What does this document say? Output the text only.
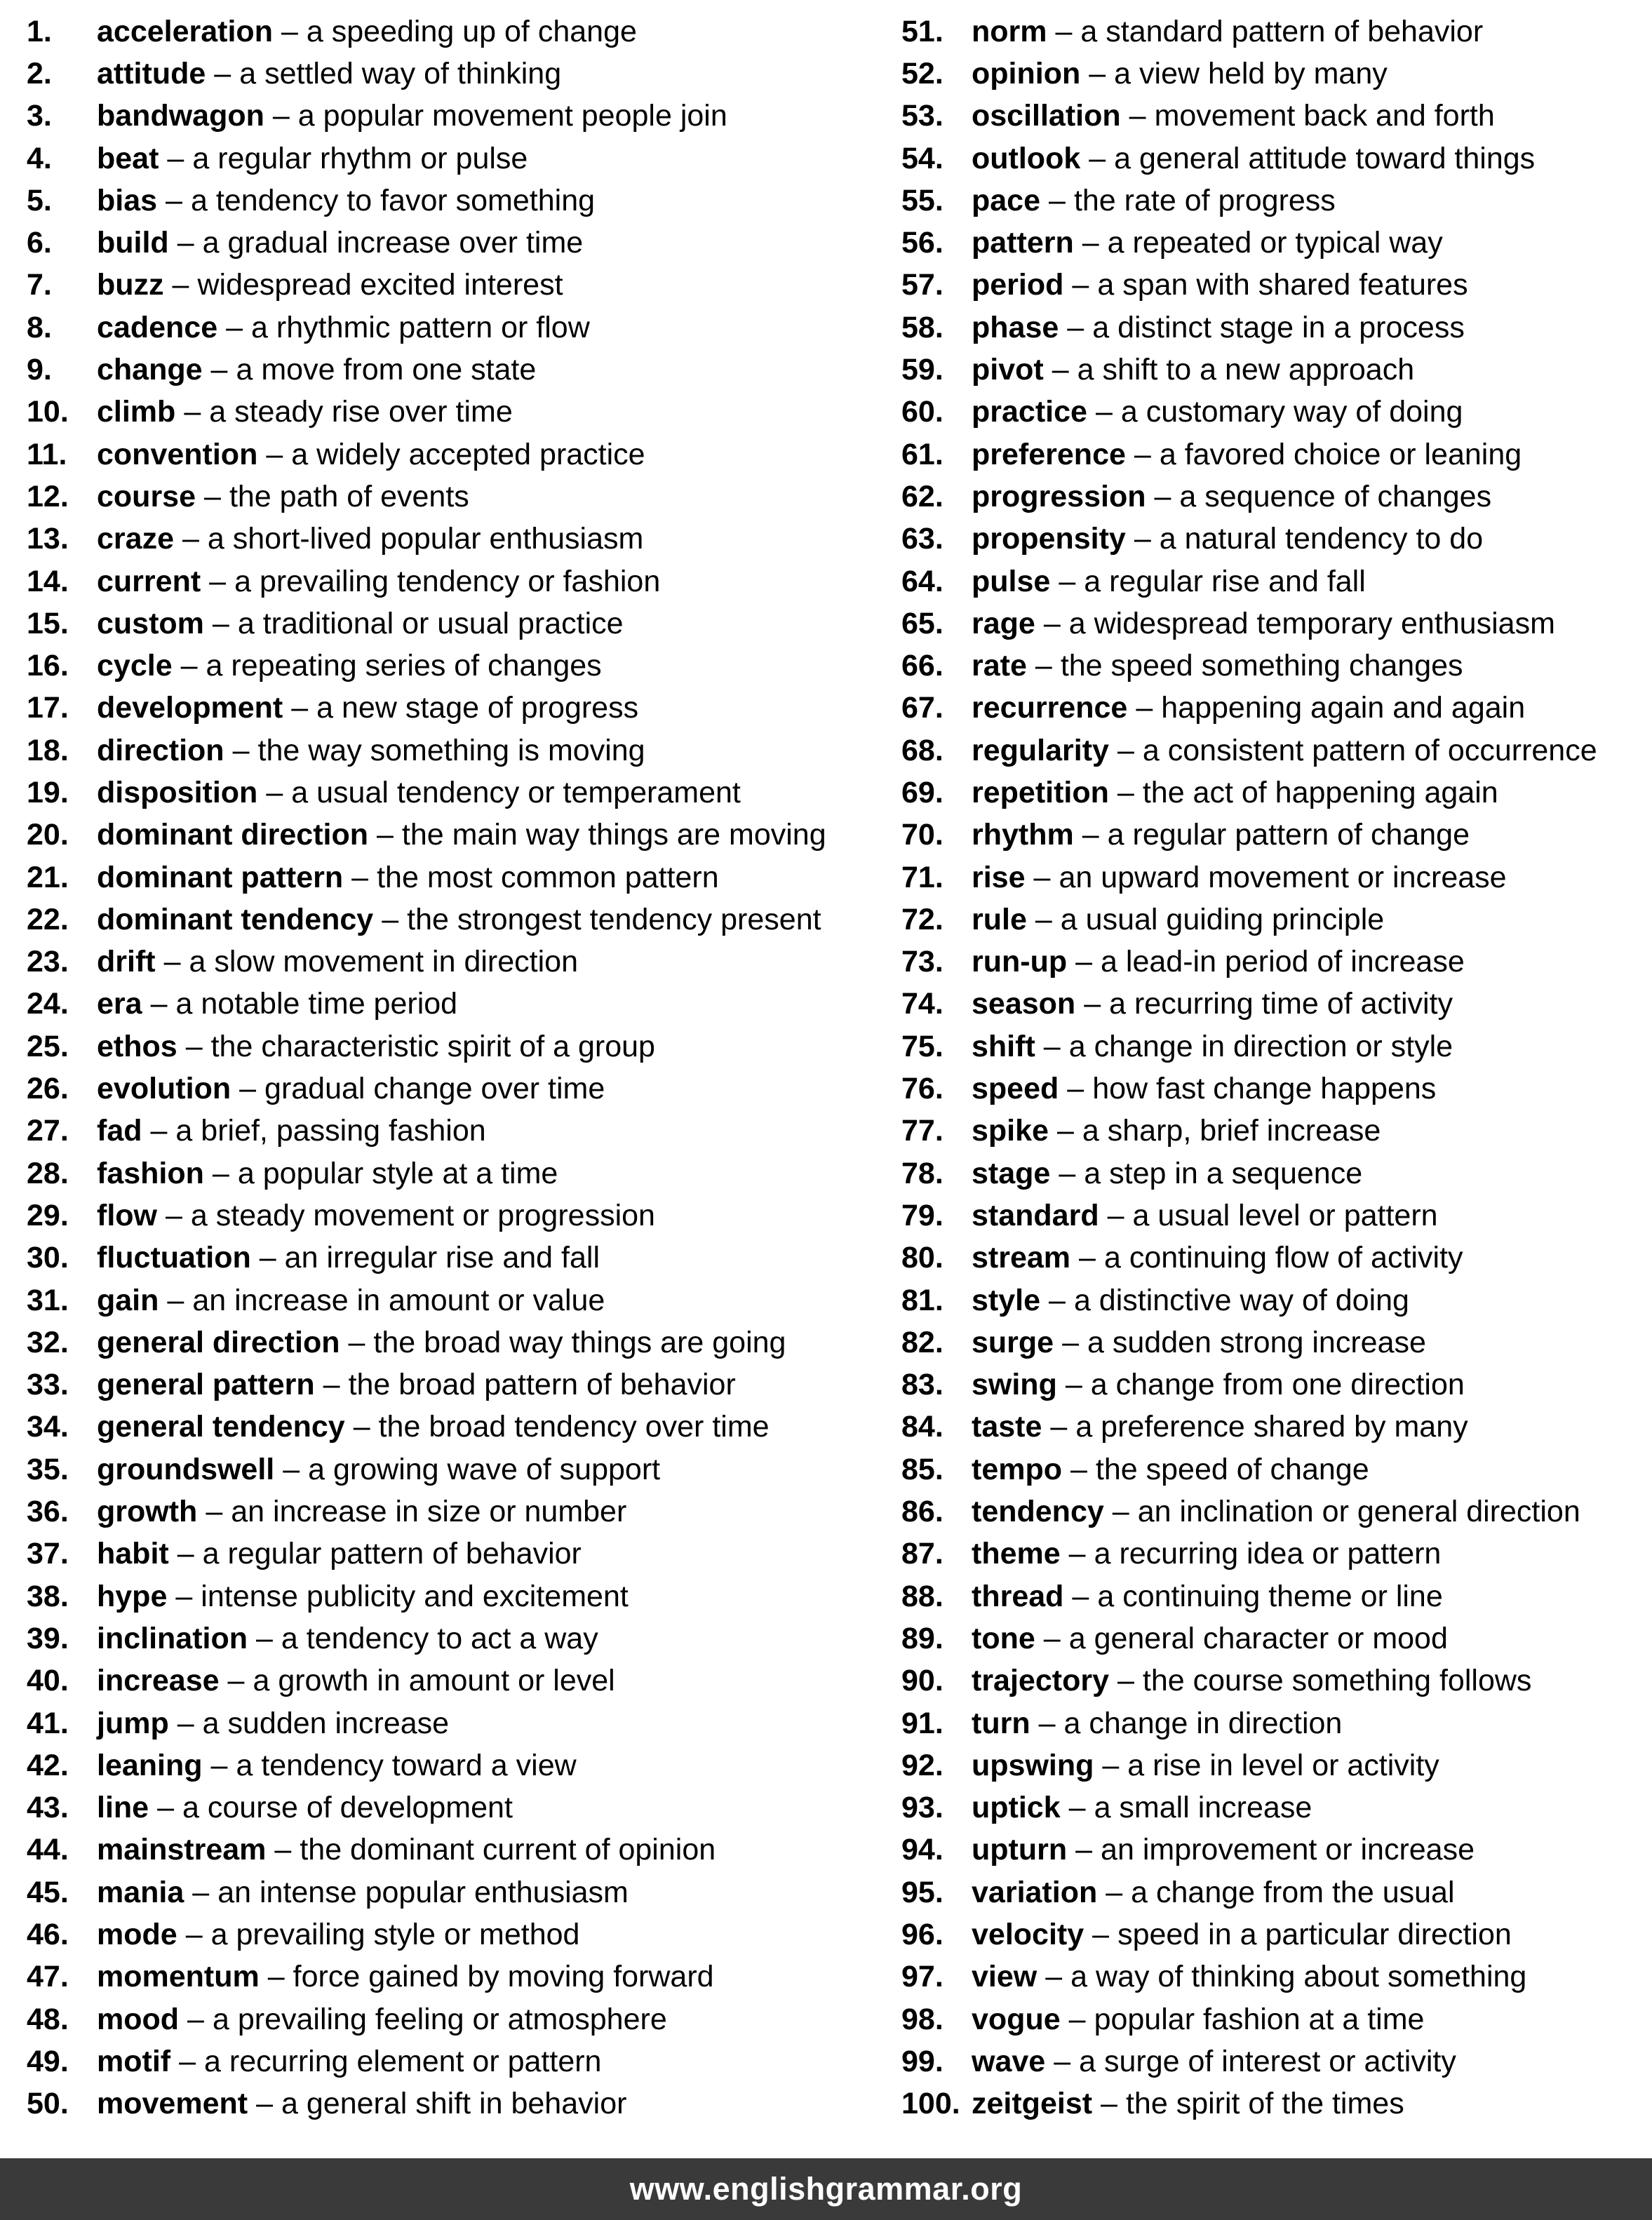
1.	acceleration – a speeding up of change
2.	attitude – a settled way of thinking
3.	bandwagon – a popular movement people join
4.	beat – a regular rhythm or pulse
5.	bias – a tendency to favor something
6.	build – a gradual increase over time
7.	buzz – widespread excited interest
8.	cadence – a rhythmic pattern or flow
9.	change – a move from one state
10. climb – a steady rise over time
11. convention – a widely accepted practice
12. course – the path of events
13. craze – a short-lived popular enthusiasm
14. current – a prevailing tendency or fashion
15. custom – a traditional or usual practice
16. cycle – a repeating series of changes
17. development – a new stage of progress
18. direction – the way something is moving
19. disposition – a usual tendency or temperament
20. dominant direction – the main way things are moving
21. dominant pattern – the most common pattern
22. dominant tendency – the strongest tendency present
23. drift – a slow movement in direction
24. era – a notable time period
25. ethos – the characteristic spirit of a group
26. evolution – gradual change over time
27. fad – a brief, passing fashion
28. fashion – a popular style at a time
29. flow – a steady movement or progression
30. fluctuation – an irregular rise and fall
31. gain – an increase in amount or value
32. general direction – the broad way things are going
33. general pattern – the broad pattern of behavior
34. general tendency – the broad tendency over time
35. groundswell – a growing wave of support
36. growth – an increase in size or number
37. habit – a regular pattern of behavior
38. hype – intense publicity and excitement
39. inclination – a tendency to act a way
40. increase – a growth in amount or level
41. jump – a sudden increase
42. leaning – a tendency toward a view
43. line – a course of development
44. mainstream – the dominant current of opinion
45. mania – an intense popular enthusiasm
46. mode – a prevailing style or method
47. momentum – force gained by moving forward
48. mood – a prevailing feeling or atmosphere
49. motif – a recurring element or pattern
50. movement – a general shift in behavior
51. norm – a standard pattern of behavior
52. opinion – a view held by many
53. oscillation – movement back and forth
54. outlook – a general attitude toward things
55. pace – the rate of progress
56. pattern – a repeated or typical way
57. period – a span with shared features
58. phase – a distinct stage in a process
59. pivot – a shift to a new approach
60. practice – a customary way of doing
61. preference – a favored choice or leaning
62. progression – a sequence of changes
63. propensity – a natural tendency to do
64. pulse – a regular rise and fall
65. rage – a widespread temporary enthusiasm
66. rate – the speed something changes
67. recurrence – happening again and again
68. regularity – a consistent pattern of occurrence
69. repetition – the act of happening again
70. rhythm – a regular pattern of change
71. rise – an upward movement or increase
72. rule – a usual guiding principle
73. run-up – a lead-in period of increase
74. season – a recurring time of activity
75. shift – a change in direction or style
76. speed – how fast change happens
77. spike – a sharp, brief increase
78. stage – a step in a sequence
79. standard – a usual level or pattern
80. stream – a continuing flow of activity
81. style – a distinctive way of doing
82. surge – a sudden strong increase
83. swing – a change from one direction
84. taste – a preference shared by many
85. tempo – the speed of change
86. tendency – an inclination or general direction
87. theme – a recurring idea or pattern
88. thread – a continuing theme or line
89. tone – a general character or mood
90. trajectory – the course something follows
91. turn – a change in direction
92. upswing – a rise in level or activity
93. uptick – a small increase
94. upturn – an improvement or increase
95. variation – a change from the usual
96. velocity – speed in a particular direction
97. view – a way of thinking about something
98. vogue – popular fashion at a time
99. wave – a surge of interest or activity
100. zeitgeist – the spirit of the times
www.englishgrammar.org
